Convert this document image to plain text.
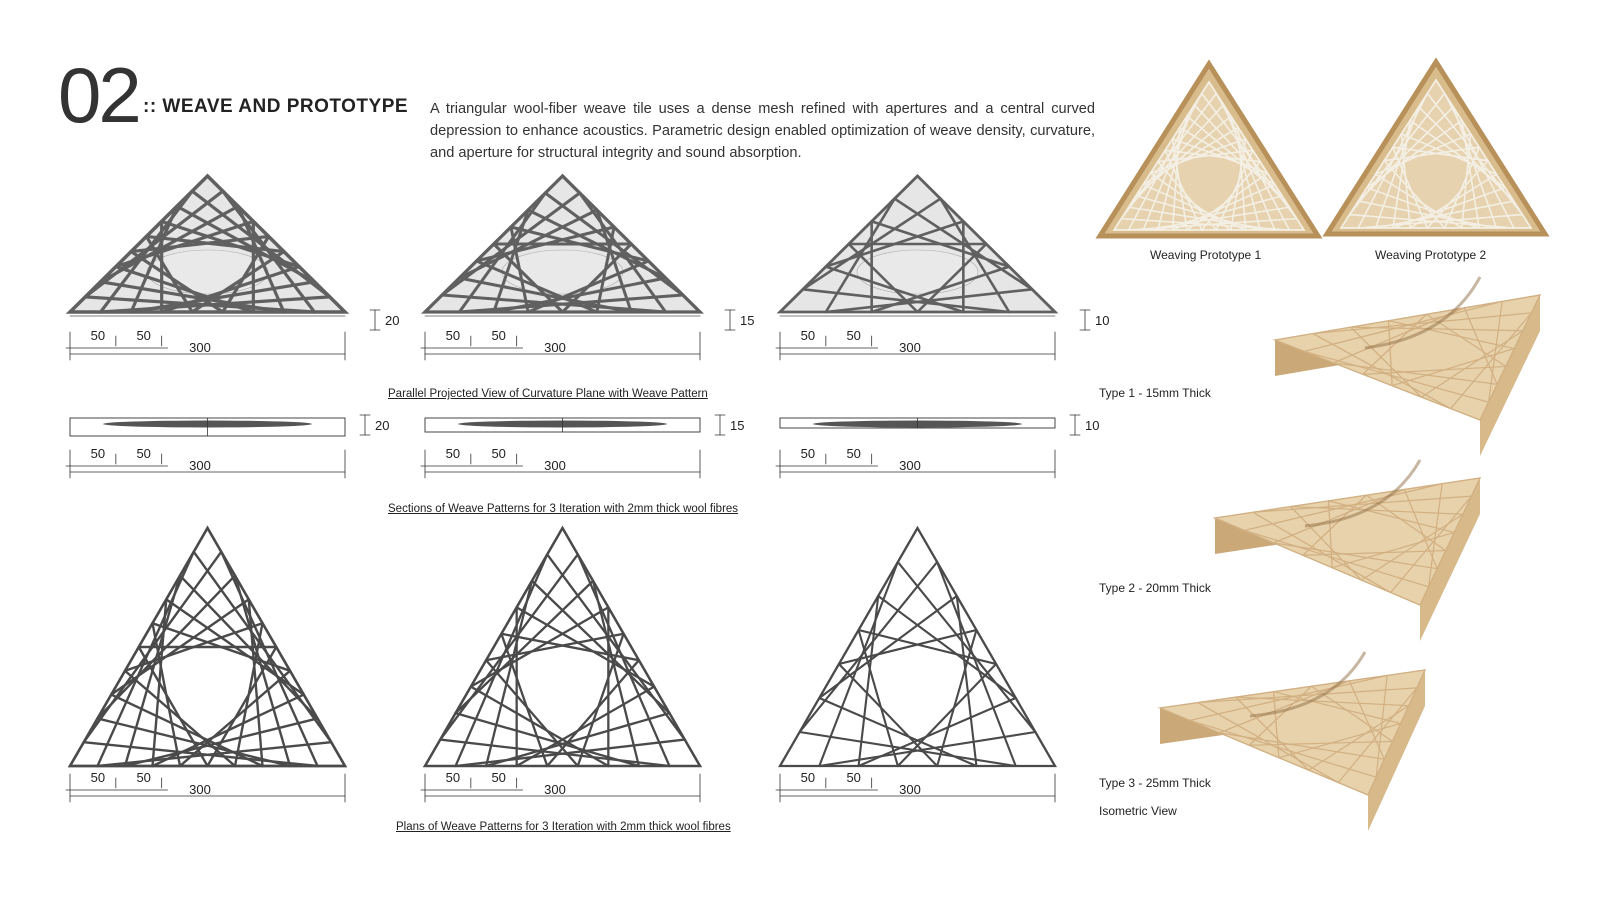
02 :: WEAVE AND PROTOTYPE A triangular wool-fiber weave tile uses a dense mesh refined with apertures and a central curved depression to enhance acoustics. Parametric design enabled optimization of weave density, curvature, and aperture for structural integrity and sound absorption.
50 50
300
20
50 50
300
15
50 50
300
10
50 50
300
20
50 50
300
15
50 50
300
10
50 50
300
50 50
300
50 50
300
Parallel Projected View of Curvature Plane with Weave Pattern
Sections of Weave Patterns for 3 Iteration with 2mm thick wool fibres
Plans of Weave Patterns for 3 Iteration with 2mm thick wool fibres
Weaving Prototype 1	Weaving Prototype 2
Type 1 - 15mm Thick
Type 2 - 20mm Thick
Type 3 - 25mm Thick
Isometric View
